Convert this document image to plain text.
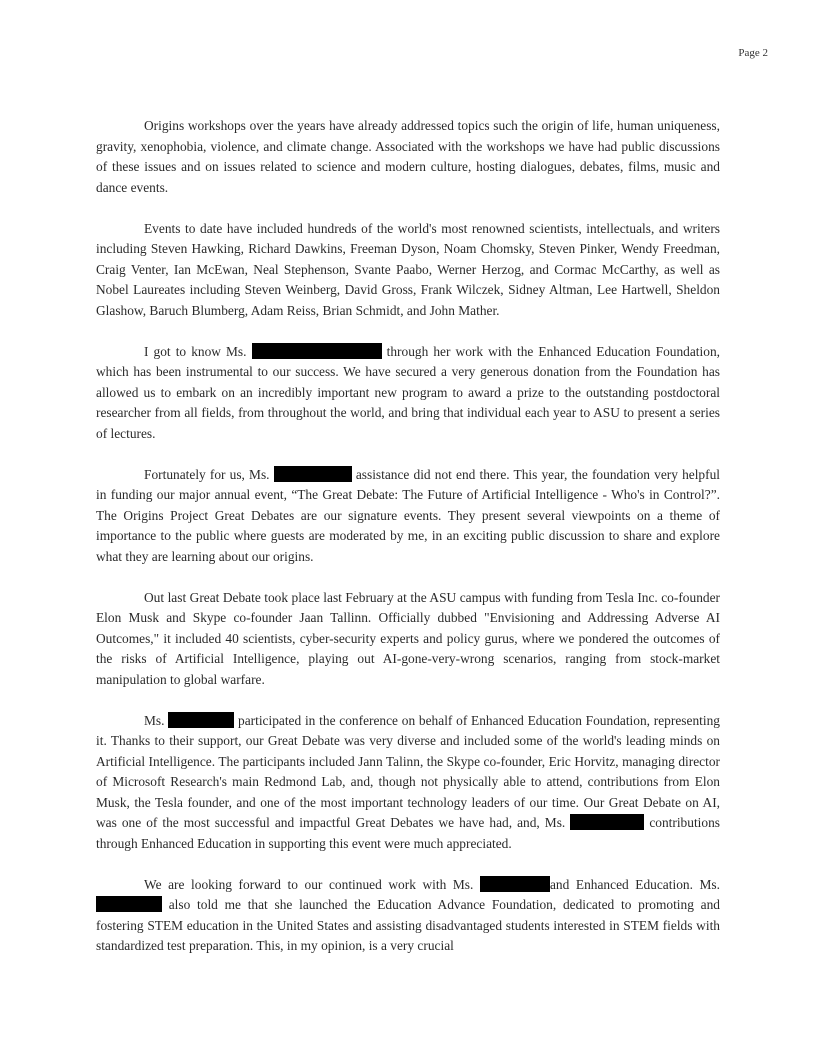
Page 2

Origins workshops over the years have already addressed topics such the origin of life, human uniqueness, gravity, xenophobia, violence, and climate change. Associated with the workshops we have had public discussions of these issues and on issues related to science and modern culture, hosting dialogues, debates, films, music and dance events.

Events to date have included hundreds of the world's most renowned scientists, intellectuals, and writers including Steven Hawking, Richard Dawkins, Freeman Dyson, Noam Chomsky, Steven Pinker, Wendy Freedman, Craig Venter, Ian McEwan, Neal Stephenson, Svante Paabo, Werner Herzog, and Cormac McCarthy, as well as Nobel Laureates including Steven Weinberg, David Gross, Frank Wilczek, Sidney Altman, Lee Hartwell, Sheldon Glashow, Baruch Blumberg, Adam Reiss, Brian Schmidt, and John Mather.

I got to know Ms.	through her work with the Enhanced Education Foundation, which has been instrumental to our success. We have secured a very generous donation from the Foundation has allowed us to embark on an incredibly important new program to award a prize to the outstanding postdoctoral researcher from all fields, from throughout the world, and bring that individual each year to ASU to present a series of lectures.

Fortunately for us, Ms.	assistance did not end there. This year, the foundation very helpful in funding our major annual event, “The Great Debate: The Future of Artificial Intelligence - Who's in Control?”. The Origins Project Great Debates are our signature events. They present several viewpoints on a theme of importance to the public where guests are moderated by me, in an exciting public discussion to share and explore what they are learning about our origins.

Out last Great Debate took place last February at the ASU campus with funding from Tesla Inc. co-founder Elon Musk and Skype co-founder Jaan Tallinn. Officially dubbed "Envisioning and Addressing Adverse AI Outcomes," it included 40 scientists, cyber-security experts and policy gurus, where we pondered the outcomes of the risks of Artificial Intelligence, playing out AI-gone-very-wrong scenarios, ranging from stock-market manipulation to global warfare.

Ms.	participated in the conference on behalf of Enhanced Education Foundation, representing it. Thanks to their support, our Great Debate was very diverse and included some of the world's leading minds on Artificial Intelligence. The participants included Jann Talinn, the Skype co-founder, Eric Horvitz, managing director of Microsoft Research's main Redmond Lab, and, though not physically able to attend, contributions from Elon Musk, the Tesla founder, and one of the most important technology leaders of our time. Our Great Debate on AI, was one of the most successful and impactful Great Debates we have had, and, Ms.	contributions through Enhanced Education in supporting this event were much appreciated.

We are looking forward to our continued work with Ms.	and Enhanced Education. Ms.  also told me that she launched the Education Advance Foundation, dedicated to promoting and fostering STEM education in the United States and assisting disadvantaged students interested in STEM fields with standardized test preparation. This, in my opinion, is a very crucial
